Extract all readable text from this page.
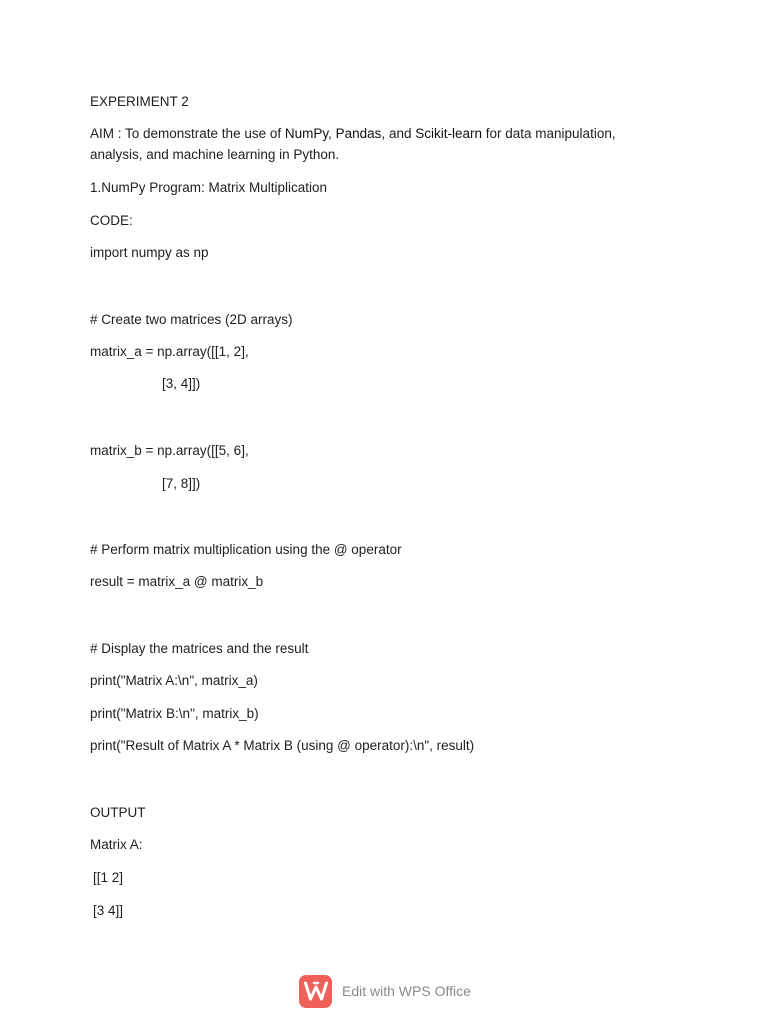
EXPERIMENT 2
AIM : To demonstrate the use of NumPy, Pandas, and Scikit-learn for data manipulation, analysis, and machine learning in Python.
1.NumPy Program: Matrix Multiplication
CODE:
import numpy as np
# Create two matrices (2D arrays)
matrix_a = np.array([[1, 2],
[3, 4]])
matrix_b = np.array([[5, 6],
[7, 8]])
# Perform matrix multiplication using the @ operator
result = matrix_a @ matrix_b
# Display the matrices and the result
print("Matrix A:\n", matrix_a)
print("Matrix B:\n", matrix_b)
print("Result of Matrix A * Matrix B (using @ operator):\n", result)
OUTPUT
Matrix A:
[[1 2]
[3 4]]
Edit with WPS Office
